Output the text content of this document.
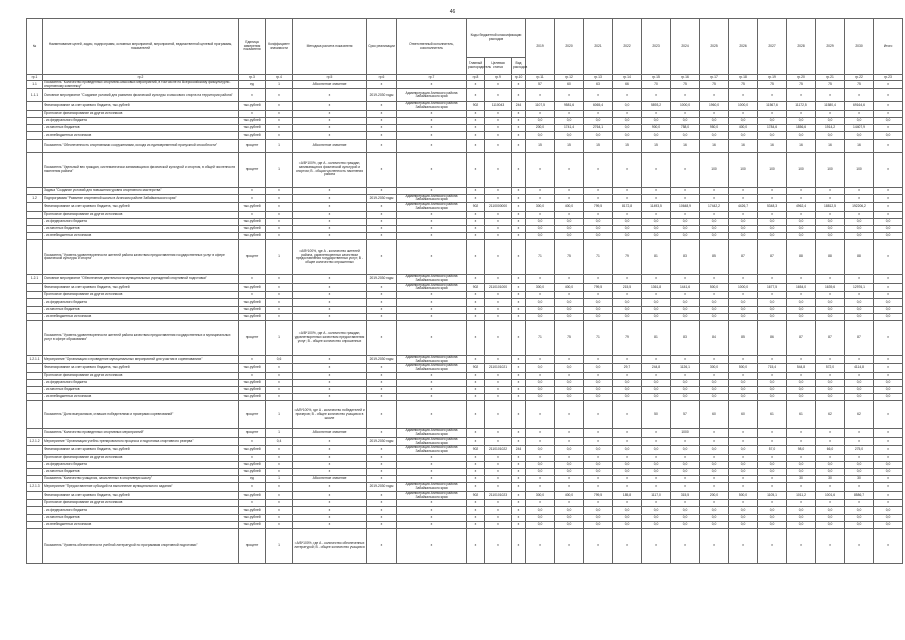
46
№	Наименование целей, задач, подпрограмм, основных мероприятий, мероприятий, ведомственной целевой программы, показателей	Единица измерения показателя	Коэффициент значимости	Методика расчета показателя	Срок реализации	Ответственный исполнитель, соисполнитель	Коды бюджетной классификации расходов			2019	2020	2021	2022	2023	2024	2025	2026	2027	2028	2029	2030	Итого	
							Главный распорядитель	Целевая статья	Вид расходов														
гр.1	гр.2	гр.3	гр.4	гр.5	гр.6	гр.7	гр.8	гр.9	гр.10	гр.11	гр.12	гр.13	гр.14	гр.15	гр.16	гр.17	гр.18	гр.19	гр.20	гр.21	гр.22	гр.23	
1.1	Показатель "Количество проведенных спортивно-массовых мероприятий, в том числе по Всероссийскому физкультурно-спортивному комплексу"	ед	1	Абсолютное значение	х	х	х	х	х	57	60	63	66	70	75	75	75	75	75	75	75	х	
1.1.1	Основное мероприятие "Создание условий для развития физической культуры и массового спорта на территории района"	х	х	х	2019-2030 годы	Администрация Агинского района Забайкальского края	х	х	х	х	х	х	х	х	х	х	х	х	х	х	х	х	
	Финансирование за счет краевого бюджета, тыс.рублей	тыс.рублей	х	х	х	Администрация Агинского района Забайкальского края	902	1110043	244	1107,5	9581,6	6065,4	0,0	5893,2	1000,0	1960,0	1000,0	11567,6	11172,5	11580,4	69164,6	х	
	Прогнозное финансирование из других источников	х	х	х	х	х	х	х	х	х	х	х	х	х	х	х	х	х	х	х	х	х	
	- из федерального бюджета	тыс.рублей	х	х	х	х	х	х	х	0,0	0,0	0,0	0,0	0,0	0,0	0,0	0,0	0,0	0,0	0,0	0,0	0,0	
	- из местных бюджетов	тыс.рублей	х	х	х	х	х	х	х	200,0	1741,4	2764,1	0,0	900,0	758,0	950,0	400,0	1784,6	1856,6	1914,2	14407,9	х	
	- из внебюджетных источников	тыс.рублей	х	х	х	х	х	х	х	0,0	0,0	0,0	0,0	0,0	0,0	0,0	0,0	0,0	0,0	0,0	0,0	0,0	
	Показатель "Обеспеченность спортивными сооружениями, исходя из единовременной пропускной способности"	процент	1	Абсолютное значение	х	х	х	х	х	15	15	15	15	15	16	16	16	16	16	16	16	х	
	Показатель "Удельный вес граждан, систематически занимающихся физической культурой и спортом, в общей численности населения района"	процент	1	=А/В*100%, где А - количество граждан, занимающихся физической культурой и спортом; В - общая численность населения района	х	х	х	х	х	х	х	х	х	х	х	100	100	100	100	100	100	х	
	Задача "Создание условий для повышения уровня спортивного мастерства"	х	х	х	х	х	х	х	х	х	х	х	х	х	х	х	х	х	х	х	х	х	
1.2	Подпрограмма "Развитие спортивной школы в Агинском районе Забайкальского края"	х	х	х	2019-2030 годы	Администрация Агинского района Забайкальского края	х	х	х	х	х	х	х	х	х	х	х	х	х	х	х	х	
	Финансирование за счет краевого бюджета, тыс.рублей	тыс.рублей	х	х	х	Администрация Агинского района Забайкальского края	902	2110000000	х	300,0	400,0	799,5	8172,8	11493,5	10648,9	17442,2	4426,7	5348,3	4962,4	18812,5	192206,2	х	
	Прогнозное финансирование из других источников	х	х	х	х	х	х	х	х	х	х	х	х	х	х	х	х	х	х	х	х	х	
	- из федерального бюджета	тыс.рублей	х	х	х	х	х	х	х	0,0	0,0	0,0	0,0	0,0	0,0	0,0	0,0	0,0	0,0	0,0	0,0	0,0	
	- из местных бюджетов	тыс.рублей	х	х	х	х	х	х	х	0,0	0,0	0,0	0,0	0,0	0,0	0,0	0,0	0,0	0,0	0,0	0,0	0,0	
	- из внебюджетных источников	тыс.рублей	х	х	х	х	х	х	х	0,0	0,0	0,0	0,0	0,0	0,0	0,0	0,0	0,0	0,0	0,0	0,0	0,0	
	Показатель "Уровень удовлетворенности жителей района качеством предоставления государственных услуг в сфере физической культуры и спорта"	процент	1	=А/В*100%, где А - количество жителей района, удовлетворенных качеством предоставления государственных услуг; В - общее количество опрошенных	х	х	х	х	х	71	75	71	79	81	83	85	87	87	88	88	88	х	
1.2.1	Основное мероприятие "Обеспечение деятельности муниципальных учреждений спортивной подготовки"	х	х	х	2019-2030 годы	Администрация Агинского района Забайкальского края	х	х	х	х	х	х	х	х	х	х	х	х	х	х	х	х	
	Финансирование за счет краевого бюджета, тыс.рублей	тыс.рублей	х	х	х	Администрация Агинского района Забайкальского края	902	2110101000	х	300,0	400,0	799,5	215,5	1361,8	1441,6	500,0	1000,0	1677,5	1654,0	1639,6	12976,1	х	
	Прогнозное финансирование из других источников	х	х	х	х	х	х	х	х	х	х	х	х	х	х	х	х	х	х	х	х	х	
	- из федерального бюджета	тыс.рублей	х	х	х	х	х	х	х	0,0	0,0	0,0	0,0	0,0	0,0	0,0	0,0	0,0	0,0	0,0	0,0	0,0	
	- из местных бюджетов	тыс.рублей	х	х	х	х	х	х	х	0,0	0,0	0,0	0,0	0,0	0,0	0,0	0,0	0,0	0,0	0,0	0,0	0,0	
	- из внебюджетных источников	тыс.рублей	х	х	х	х	х	х	х	0,0	0,0	0,0	0,0	0,0	0,0	0,0	0,0	0,0	0,0	0,0	0,0	0,0	
	Показатель "Уровень удовлетворенности жителей района качеством предоставления государственных и муниципальных услуг в сфере образования"	процент	1	=А/В*100%, где А - количество граждан, удовлетворенных качеством предоставления услуг; В - общее количество опрошенных	х	х	х	х	х	71	75	71	79	81	83	84	85	86	87	87	87	х	
1.2.1.1	Мероприятие "Организация и проведение муниципальных мероприятий для участия в соревнованиях"	х	0,6	х	2019-2030 годы	Администрация Агинского района Забайкальского края	х	х	х	х	х	х	х	х	х	х	х	х	х	х	х	х	
	Финансирование за счет краевого бюджета, тыс.рублей	тыс.рублей	х	х	х	Администрация Агинского района Забайкальского края	902	2110101021	х	0,0	0,0	0,0	29,7	244,8	1126,1	300,0	500,0	715,4	544,8	572,0	4114,8	х	
	Прогнозное финансирование из других источников	х	х	х	х	х	х	х	х	х	х	х	х	х	х	х	х	х	х	х	х	х	
	- из федерального бюджета	тыс.рублей	х	х	х	х	х	х	х	0,0	0,0	0,0	0,0	0,0	0,0	0,0	0,0	0,0	0,0	0,0	0,0	0,0	
	- из местных бюджетов	тыс.рублей	х	х	х	х	х	х	х	0,0	0,0	0,0	0,0	0,0	0,0	0,0	0,0	0,0	0,0	0,0	0,0	0,0	
	- из внебюджетных источников	тыс.рублей	х	х	х	х	х	х	х	0,0	0,0	0,0	0,0	0,0	0,0	0,0	0,0	0,0	0,0	0,0	0,0	0,0	
	Показатель "Доля выпускников, ставших победителями и призерами соревнований"	процент	1	=А/В*100%, где А - количество победителей и призеров; В - общее количество учащихся в школе	х	х	х	х	х	х	х	х	х	50	57	60	60	61	61	62	62	х	
	Показатель "Количество проведенных спортивных мероприятий"	процент	1	Абсолютное значение	х	Администрация Агинского района Забайкальского края	х	х	х	х	х	х	х	х	1000	х	х	х	х	х	х	х	
1.2.1.2	Мероприятие "Организация учебно-тренировочного процесса и подготовка спортивного резерва"	х	0,4	х	2019-2030 годы	Администрация Агинского района Забайкальского края	х	х	х	х	х	х	х	х	х	х	х	х	х	х	х	х	
	Финансирование за счет краевого бюджета, тыс.рублей	тыс.рублей	х	х	х	Администрация Агинского района Забайкальского края	902	2110101022	244	0,0	0,0	0,0	0,0	0,0	0,0	0,0	0,0	57,0	98,0	66,0	275,0	х	
	Прогнозное финансирование из других источников	х	х	х	х	х	х	х	х	х	х	х	х	х	х	х	х	х	х	х	х	х	
	- из федерального бюджета	тыс.рублей	х	х	х	х	х	х	х	0,0	0,0	0,0	0,0	0,0	0,0	0,0	0,0	0,0	0,0	0,0	0,0	0,0	
	- из местных бюджетов	тыс.рублей	х	х	х	х	х	х	х	0,0	0,0	0,0	0,0	0,0	0,0	0,0	0,0	0,0	0,0	0,0	0,0	0,0	
	Показатель "Количество учащихся, зачисленных в спортивную школу"	ед	1	Абсолютное значение	х	х	х	х	х	х	х	х	х	х	х	х	х	х	30	30	30	х	
1.2.1.3	Мероприятие "Предоставление субсидий на выполнение муниципального задания"	х	х	х	2019-2030 годы	Администрация Агинского района Забайкальского края	х	х	х	х	х	х	х	х	х	х	х	х	х	х	х	х	
	Финансирование за счет краевого бюджета, тыс.рублей	тыс.рублей	х	х	х	Администрация Агинского района Забайкальского края	902	2110101023	х	300,0	400,0	799,5	185,8	1117,0	315,5	200,0	500,0	1105,1	1011,2	1001,6	8586,7	х	
	Прогнозное финансирование из других источников	х	х	х	х	х	х	х	х	х	х	х	х	х	х	х	х	х	х	х	х	х	
	- из федерального бюджета	тыс.рублей	х	х	х	х	х	х	х	0,0	0,0	0,0	0,0	0,0	0,0	0,0	0,0	0,0	0,0	0,0	0,0	0,0	
	- из местных бюджетов	тыс.рублей	х	х	х	х	х	х	х	0,0	0,0	0,0	0,0	0,0	0,0	0,0	0,0	0,0	0,0	0,0	0,0	0,0	
	- из внебюджетных источников	тыс.рублей	х	х	х	х	х	х	х	0,0	0,0	0,0	0,0	0,0	0,0	0,0	0,0	0,0	0,0	0,0	0,0	0,0	
	Показатель "Уровень обеспеченности учебной литературой по программам спортивной подготовки"	процент	1	=А/В*100%, где А - количество обеспеченных литературой; В - общее количество учащихся	х	х	х	х	х	х	х	х	х	х	х	х	х	х	х	х	х	х	
